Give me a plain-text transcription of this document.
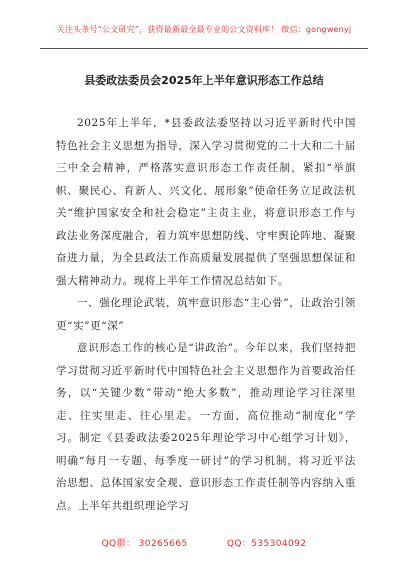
关注头条号“公文研究”，获得最新最全最专业的公文资料库！ 微信：gongwenyj
县委政法委员会2025年上半年意识形态工作总结

2025年上半年，*县委政法委坚持以习近平新时代中国特色社会主义思想为指导，深入学习贯彻党的二十大和二十届三中全会精神，严格落实意识形态工作责任制，紧扣“举旗帜、聚民心、育新人、兴文化、展形象”使命任务立足政法机关“维护国家安全和社会稳定”主责主业，将意识形态工作与政法业务深度融合，着力筑牢思想防线、守牢舆论阵地、凝聚奋进力量，为全县政法工作高质量发展提供了坚强思想保证和强大精神动力。现将上半年工作情况总结如下。

一、强化理论武装，筑牢意识形态“主心骨”，让政治引领更“实”更“深”

意识形态工作的核心是“讲政治”。今年以来，我们坚持把学习贯彻习近平新时代中国特色社会主义思想作为首要政治任务，以“关键少数”带动“绝大多数”，推动理论学习往深里走、往实里走、往心里走。一方面，高位推动“制度化”学习。制定《县委政法委2025年理论学习中心组学习计划》，明确“每月一专题、每季度一研讨”的学习机制，将习近平法治思想、总体国家安全观、意识形态工作责任制等内容纳入重点。上半年共组织理论学习

QQ群： 30265665	QQ：535304092
